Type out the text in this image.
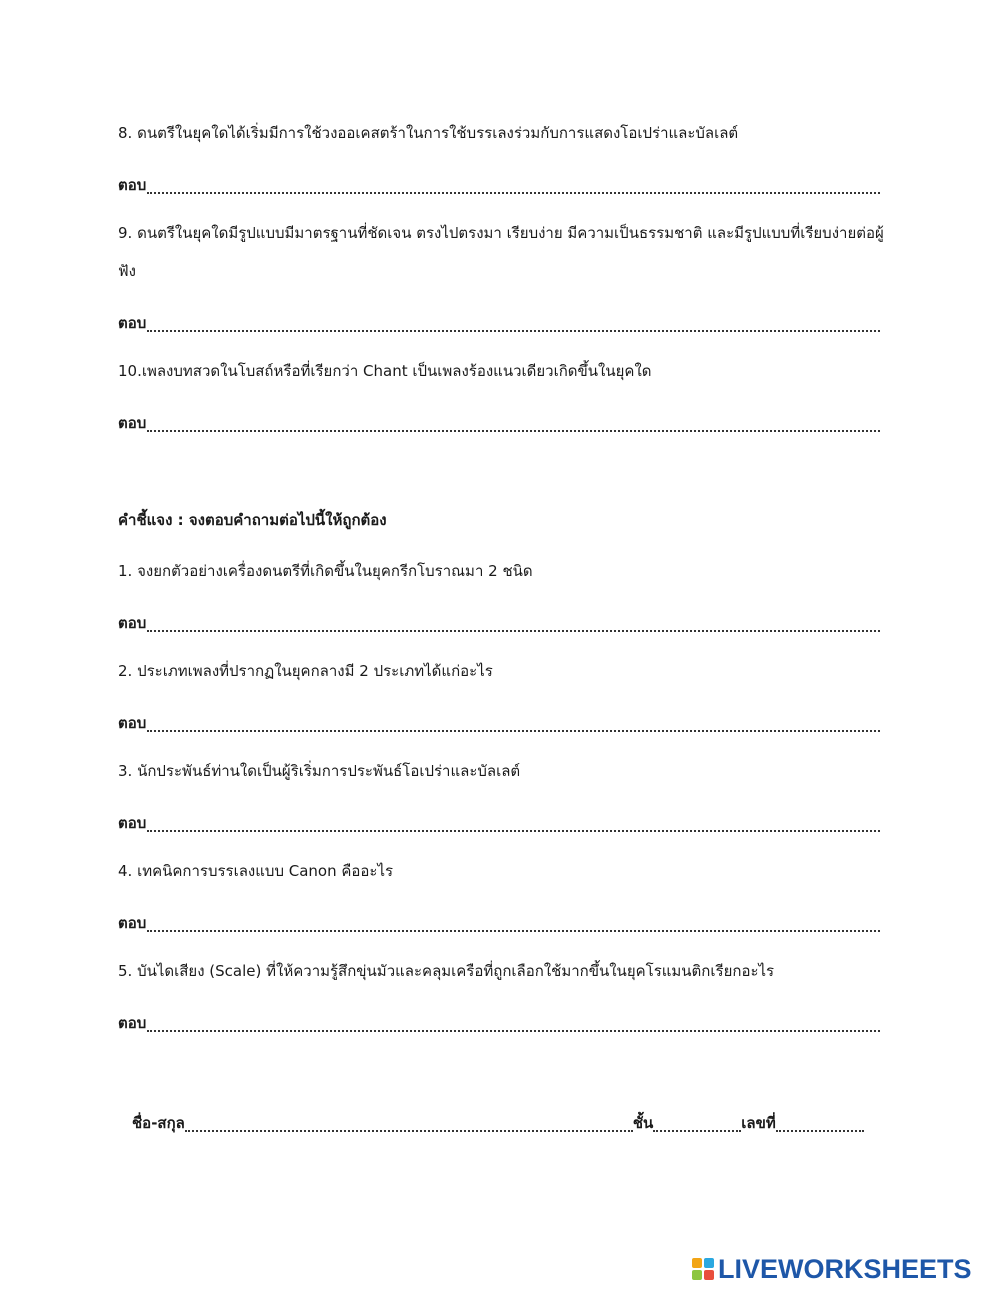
8. ดนตรีในยุคใดได้เริ่มมีการใช้วงออเคสตร้าในการใช้บรรเลงร่วมกับการแสดงโอเปร่าและบัลเลต์

ตอบ

9. ดนตรีในยุคใดมีรูปแบบมีมาตรฐานที่ชัดเจน ตรงไปตรงมา เรียบง่าย มีความเป็นธรรมชาติ และมีรูปแบบที่เรียบง่ายต่อผู้ฟัง

ตอบ

10.เพลงบทสวดในโบสถ์หรือที่เรียกว่า Chant เป็นเพลงร้องแนวเดียวเกิดขึ้นในยุคใด

ตอบ
คำชี้แจง : จงตอบคำถามต่อไปนี้ให้ถูกต้อง

1. จงยกตัวอย่างเครื่องดนตรีที่เกิดขึ้นในยุคกรีกโบราณมา 2 ชนิด

ตอบ

2. ประเภทเพลงที่ปรากฏในยุคกลางมี 2 ประเภทได้แก่อะไร

ตอบ

3. นักประพันธ์ท่านใดเป็นผู้ริเริ่มการประพันธ์โอเปร่าและบัลเลต์

ตอบ

4. เทคนิคการบรรเลงแบบ Canon คืออะไร

ตอบ

5. บันไดเสียง (Scale) ที่ให้ความรู้สึกขุ่นมัวและคลุมเครือที่ถูกเลือกใช้มากขึ้นในยุคโรแมนติกเรียกอะไร

ตอบ
ชื่อ-สกุล	ชั้น	เลขที่
LIVEWORKSHEETS
